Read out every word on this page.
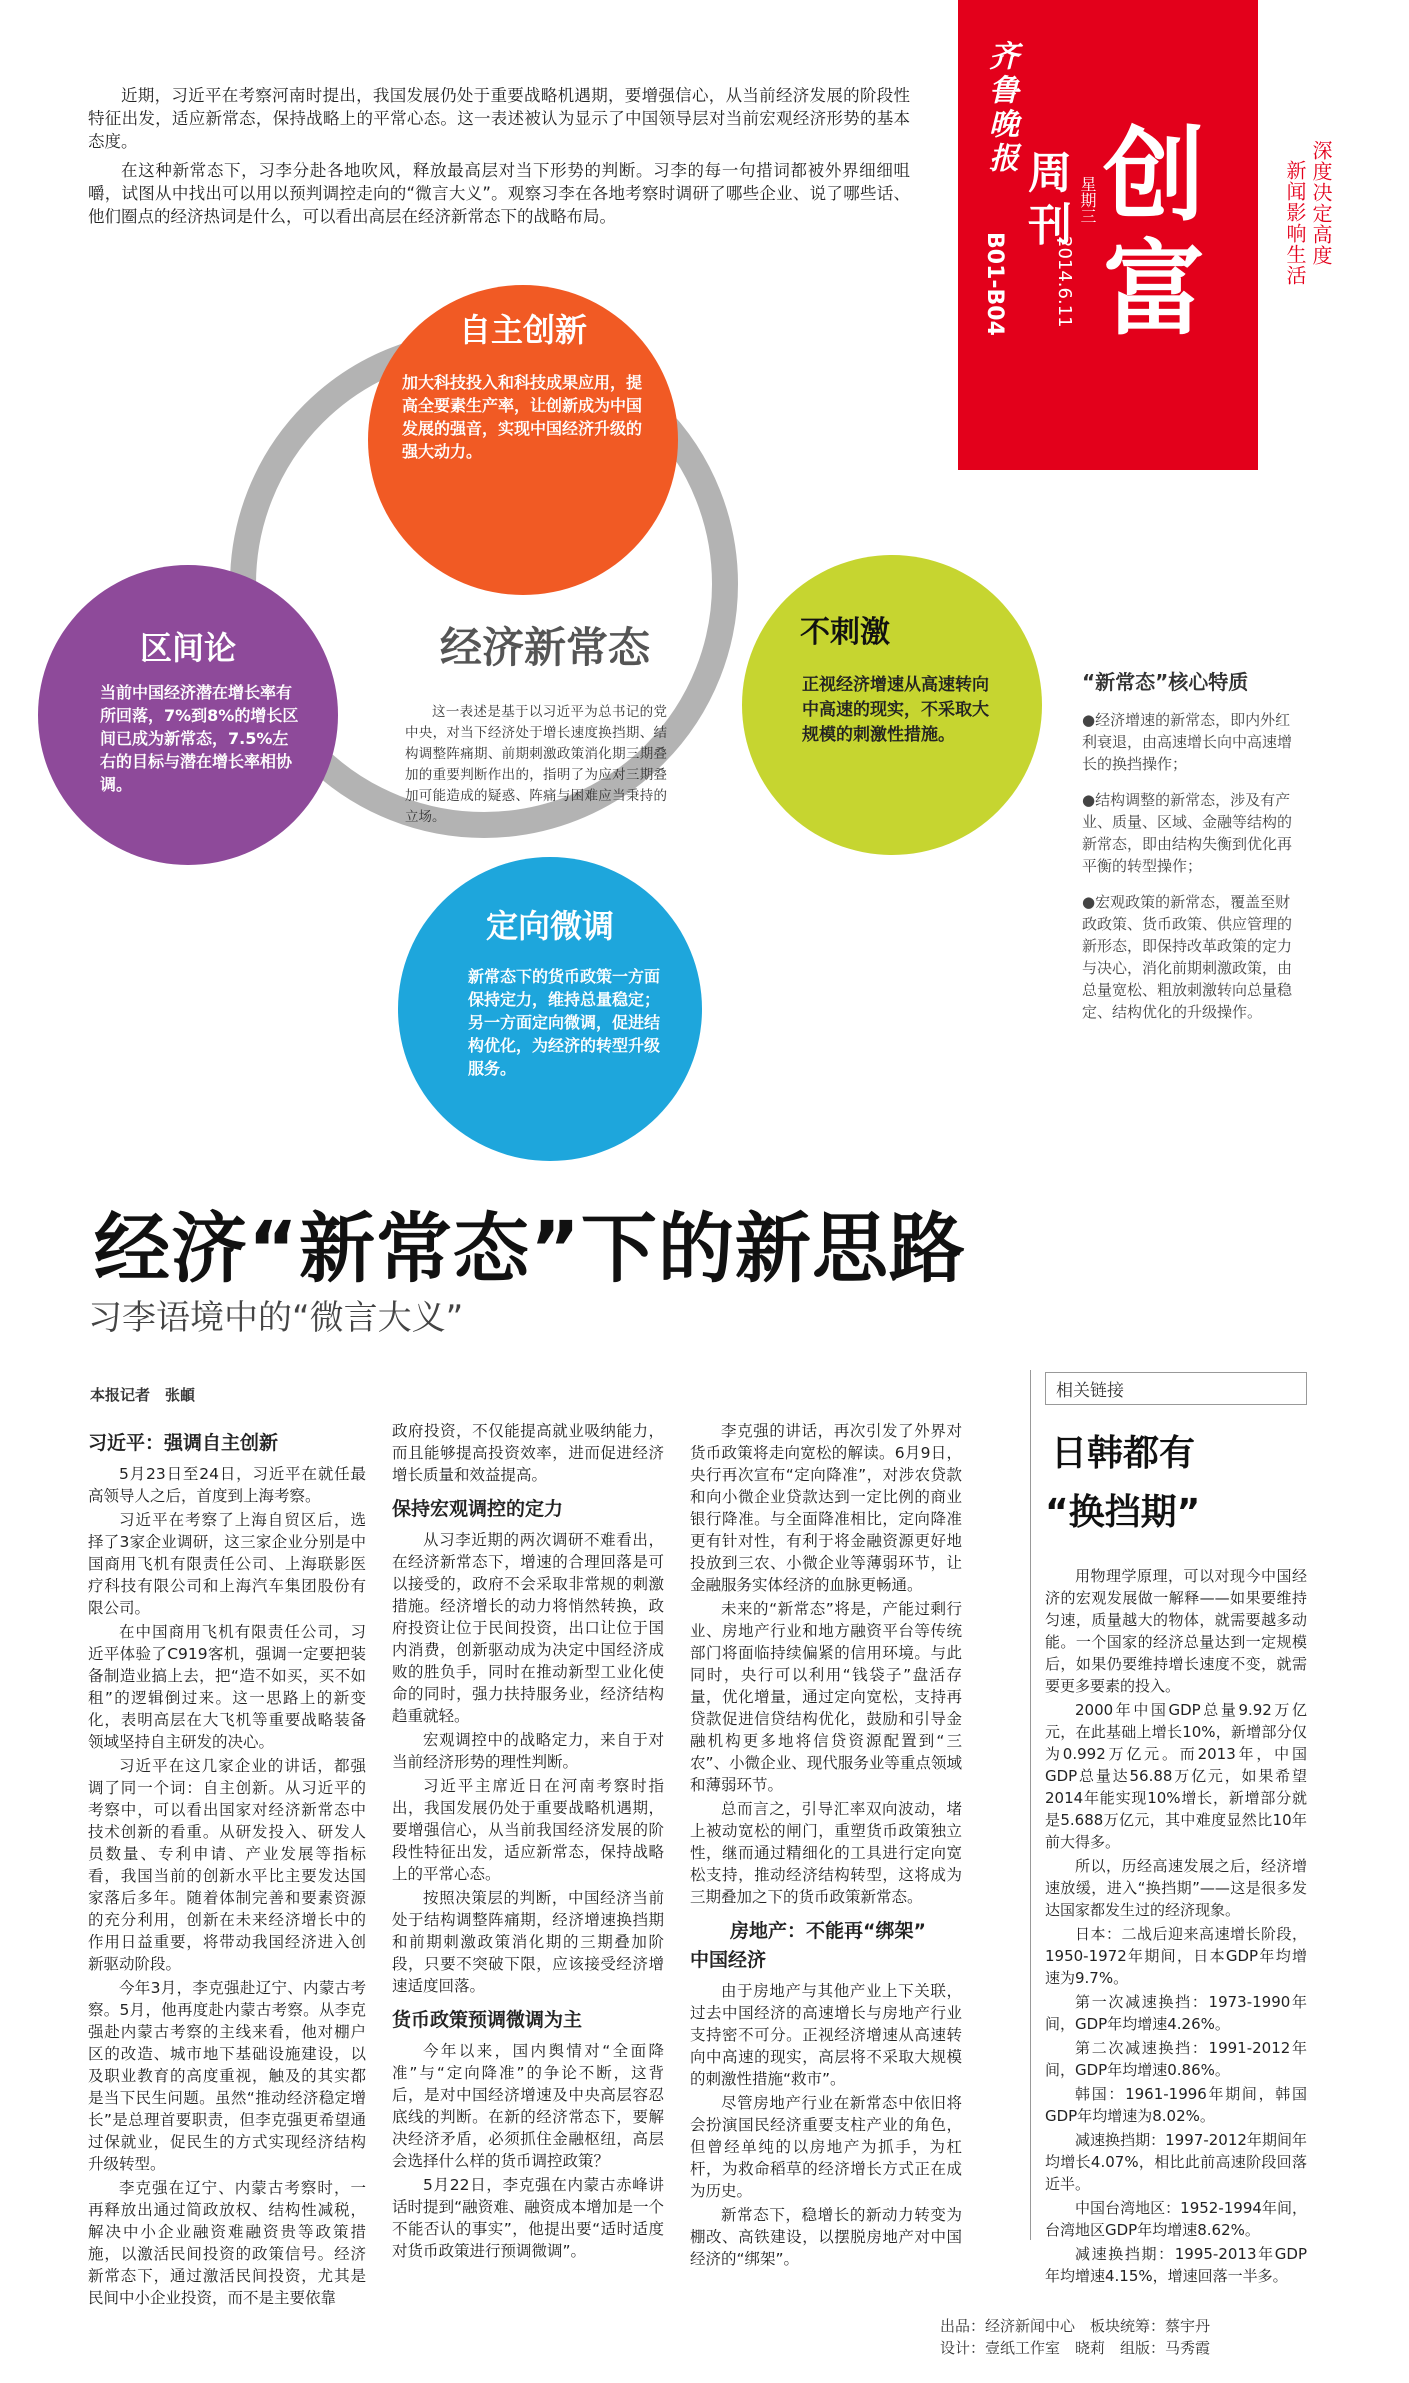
近期，习近平在考察河南时提出，我国发展仍处于重要战略机遇期，要增强信心，从当前经济发展的阶段性特征出发，适应新常态，保持战略上的平常心态。这一表述被认为显示了中国领导层对当前宏观经济形势的基本态度。

在这种新常态下，习李分赴各地吹风，释放最高层对当下形势的判断。习李的每一句措词都被外界细细咀嚼，试图从中找出可以用以预判调控走向的“微言大义”。观察习李在各地考察时调研了哪些企业、说了哪些话、他们圈点的经济热词是什么，可以看出高层在经济新常态下的战略布局。

齐鲁晚报
B01-B04
周刊 星期三
2014.6.11
创富
深度决定高度
新闻影响生活
自主创新
加大科技投入和科技成果应用，提高全要素生产率，让创新成为中国发展的强音，实现中国经济升级的强大动力。
不刺激
正视经济增速从高速转向中高速的现实，不采取大规模的刺激性措施。
定向微调
新常态下的货币政策一方面保持定力，维持总量稳定；另一方面定向微调，促进结构优化，为经济的转型升级服务。
区间论
当前中国经济潜在增长率有所回落，7%到8%的增长区间已成为新常态，7.5%左右的目标与潜在增长率相协调。
经济新常态
这一表述是基于以习近平为总书记的党中央，对当下经济处于增长速度换挡期、结构调整阵痛期、前期刺激政策消化期三期叠加的重要判断作出的，指明了为应对三期叠加可能造成的疑惑、阵痛与困难应当秉持的立场。
“新常态”核心特质
●经济增速的新常态，即内外红利衰退，由高速增长向中高速增长的换挡操作；
●结构调整的新常态，涉及有产业、质量、区域、金融等结构的新常态，即由结构失衡到优化再平衡的转型操作；
●宏观政策的新常态，覆盖至财政政策、货币政策、供应管理的新形态，即保持改革政策的定力与决心，消化前期刺激政策，由总量宽松、粗放刺激转向总量稳定、结构优化的升级操作。
经济“新常态”下的新思路
习李语境中的“微言大义”
本报记者　张頔
习近平：强调自主创新

5月23日至24日，习近平在就任最高领导人之后，首度到上海考察。

习近平在考察了上海自贸区后，选择了3家企业调研，这三家企业分别是中国商用飞机有限责任公司、上海联影医疗科技有限公司和上海汽车集团股份有限公司。

在中国商用飞机有限责任公司，习近平体验了C919客机，强调一定要把装备制造业搞上去，把“造不如买，买不如租”的逻辑倒过来。这一思路上的新变化，表明高层在大飞机等重要战略装备领域坚持自主研发的决心。

习近平在这几家企业的讲话，都强调了同一个词：自主创新。从习近平的考察中，可以看出国家对经济新常态中技术创新的看重。从研发投入、研发人员数量、专利申请、产业发展等指标看，我国当前的创新水平比主要发达国家落后多年。随着体制完善和要素资源的充分利用，创新在未来经济增长中的作用日益重要，将带动我国经济进入创新驱动阶段。

今年3月，李克强赴辽宁、内蒙古考察。5月，他再度赴内蒙古考察。从李克强赴内蒙古考察的主线来看，他对棚户区的改造、城市地下基础设施建设，以及职业教育的高度重视，触及的其实都是当下民生问题。虽然“推动经济稳定增长”是总理首要职责，但李克强更希望通过保就业，促民生的方式实现经济结构升级转型。

李克强在辽宁、内蒙古考察时，一再释放出通过简政放权、结构性减税，解决中小企业融资难融资贵等政策措施，以激活民间投资的政策信号。经济新常态下，通过激活民间投资，尤其是民间中小企业投资，而不是主要依靠

政府投资，不仅能提高就业吸纳能力，而且能够提高投资效率，进而促进经济增长质量和效益提高。

保持宏观调控的定力

从习李近期的两次调研不难看出，在经济新常态下，增速的合理回落是可以接受的，政府不会采取非常规的刺激措施。经济增长的动力将悄然转换，政府投资让位于民间投资，出口让位于国内消费，创新驱动成为决定中国经济成败的胜负手，同时在推动新型工业化使命的同时，强力扶持服务业，经济结构趋重就轻。

宏观调控中的战略定力，来自于对当前经济形势的理性判断。

习近平主席近日在河南考察时指出，我国发展仍处于重要战略机遇期，要增强信心，从当前我国经济发展的阶段性特征出发，适应新常态，保持战略上的平常心态。

按照决策层的判断，中国经济当前处于结构调整阵痛期，经济增速换挡期和前期刺激政策消化期的三期叠加阶段，只要不突破下限，应该接受经济增速适度回落。

货币政策预调微调为主

今年以来，国内舆情对“全面降准”与“定向降准”的争论不断，这背后，是对中国经济增速及中央高层容忍底线的判断。在新的经济常态下，要解决经济矛盾，必须抓住金融枢纽，高层会选择什么样的货币调控政策？

5月22日，李克强在内蒙古赤峰讲话时提到“融资难、融资成本增加是一个不能否认的事实”，他提出要“适时适度对货币政策进行预调微调”。

李克强的讲话，再次引发了外界对货币政策将走向宽松的解读。6月9日，央行再次宣布“定向降准”，对涉农贷款和向小微企业贷款达到一定比例的商业银行降准。与全面降准相比，定向降准更有针对性，有利于将金融资源更好地投放到三农、小微企业等薄弱环节，让金融服务实体经济的血脉更畅通。

未来的“新常态”将是，产能过剩行业、房地产行业和地方融资平台等传统部门将面临持续偏紧的信用环境。与此同时，央行可以利用“钱袋子”盘活存量，优化增量，通过定向宽松，支持再贷款促进信贷结构优化，鼓励和引导金融机构更多地将信贷资源配置到“三农”、小微企业、现代服务业等重点领域和薄弱环节。

总而言之，引导汇率双向波动，堵上被动宽松的闸门，重塑货币政策独立性，继而通过精细化的工具进行定向宽松支持，推动经济结构转型，这将成为三期叠加之下的货币政策新常态。

房地产：不能再“绑架”
中国经济

由于房地产与其他产业上下关联，过去中国经济的高速增长与房地产行业支持密不可分。正视经济增速从高速转向中高速的现实，高层将不采取大规模的刺激性措施“救市”。

尽管房地产行业在新常态中依旧将会扮演国民经济重要支柱产业的角色，但曾经单纯的以房地产为抓手，为杠杆，为救命稻草的经济增长方式正在成为历史。

新常态下，稳增长的新动力转变为棚改、高铁建设，以摆脱房地产对中国经济的“绑架”。

相关链接
日韩都有
“换挡期”

用物理学原理，可以对现今中国经济的宏观发展做一解释——如果要维持匀速，质量越大的物体，就需要越多动能。一个国家的经济总量达到一定规模后，如果仍要维持增长速度不变，就需要更多要素的投入。

2000年中国GDP总量9.92万亿元，在此基础上增长10%，新增部分仅为0.992万亿元。而2013年，中国GDP总量达56.88万亿元，如果希望2014年能实现10%增长，新增部分就是5.688万亿元，其中难度显然比10年前大得多。

所以，历经高速发展之后，经济增速放缓，进入“换挡期”——这是很多发达国家都发生过的经济现象。

日本：二战后迎来高速增长阶段，1950-1972年期间，日本GDP年均增速为9.7%。

第一次减速换挡：1973-1990年间，GDP年均增速4.26%。

第二次减速换挡：1991-2012年间，GDP年均增速0.86%。

韩国：1961-1996年期间，韩国GDP年均增速为8.02%。

减速换挡期：1997-2012年期间年均增长4.07%，相比此前高速阶段回落近半。

中国台湾地区：1952-1994年间，台湾地区GDP年均增速8.62%。

减速换挡期：1995-2013年GDP年均增速4.15%，增速回落一半多。

出品：经济新闻中心　板块统筹：蔡宇丹
设计：壹纸工作室　晓莉　组版：马秀霞
